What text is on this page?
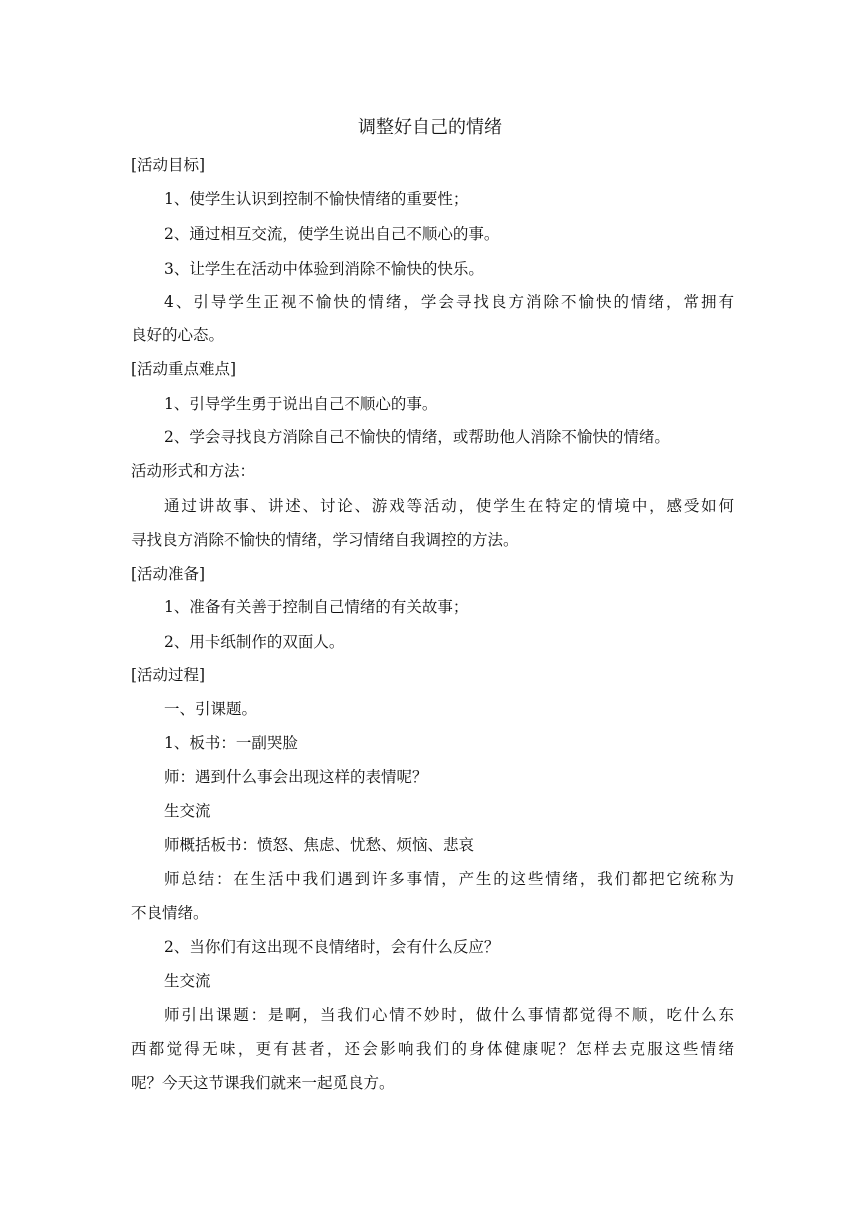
调整好自己的情绪
[活动目标]
1、使学生认识到控制不愉快情绪的重要性；
2、通过相互交流，使学生说出自己不顺心的事。
3、让学生在活动中体验到消除不愉快的快乐。
4、引导学生正视不愉快的情绪，学会寻找良方消除不愉快的情绪，常拥有
良好的心态。
[活动重点难点]
1、引导学生勇于说出自己不顺心的事。
2、学会寻找良方消除自己不愉快的情绪，或帮助他人消除不愉快的情绪。
活动形式和方法：
通过讲故事、讲述、讨论、游戏等活动，使学生在特定的情境中，感受如何
寻找良方消除不愉快的情绪，学习情绪自我调控的方法。
[活动准备]
1、准备有关善于控制自己情绪的有关故事；
2、用卡纸制作的双面人。
[活动过程]
一、引课题。
1、板书：一副哭脸
师：遇到什么事会出现这样的表情呢？
生交流
师概括板书：愤怒、焦虑、忧愁、烦恼、悲哀
师总结：在生活中我们遇到许多事情，产生的这些情绪，我们都把它统称为
不良情绪。
2、当你们有这出现不良情绪时，会有什么反应？
生交流
师引出课题：是啊，当我们心情不妙时，做什么事情都觉得不顺，吃什么东
西都觉得无味，更有甚者，还会影响我们的身体健康呢？怎样去克服这些情绪
呢？今天这节课我们就来一起觅良方。
